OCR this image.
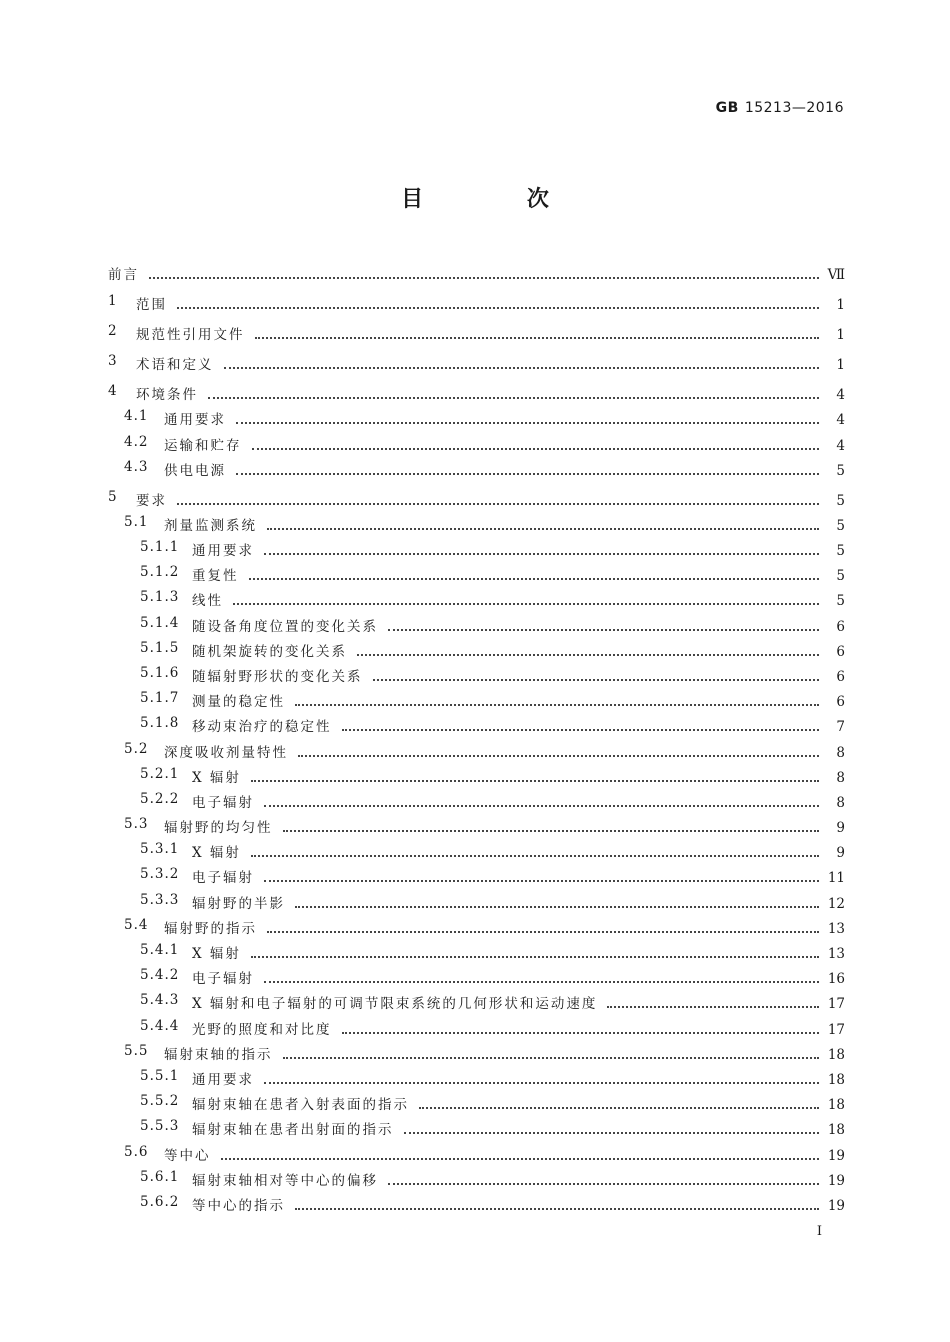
GB 15213—2016
目 次
前言	Ⅶ
1	范围	1
2	规范性引用文件	1
3	术语和定义	1
4	环境条件	4
4.1	通用要求	4
4.2	运输和贮存	4
4.3	供电电源	5
5	要求	5
5.1	剂量监测系统	5
5.1.1 通用要求	5
5.1.2 重复性	5
5.1.3 线性	5
5.1.4 随设备角度位置的变化关系	6
5.1.5 随机架旋转的变化关系	6
5.1.6 随辐射野形状的变化关系	6
5.1.7 测量的稳定性	6
5.1.8 移动束治疗的稳定性	7
5.2	深度吸收剂量特性	8
5.2.1 X 辐射	8
5.2.2 电子辐射	8
5.3	辐射野的均匀性	9
5.3.1 X 辐射	9
5.3.2 电子辐射	11
5.3.3 辐射野的半影	12
5.4	辐射野的指示	13
5.4.1 X 辐射	13
5.4.2 电子辐射	16
5.4.3 X 辐射和电子辐射的可调节限束系统的几何形状和运动速度	17
5.4.4 光野的照度和对比度	17
5.5	辐射束轴的指示	18
5.5.1 通用要求	18
5.5.2 辐射束轴在患者入射表面的指示	18
5.5.3 辐射束轴在患者出射面的指示	18
5.6	等中心	19
5.6.1 辐射束轴相对等中心的偏移	19
5.6.2 等中心的指示	19
I
